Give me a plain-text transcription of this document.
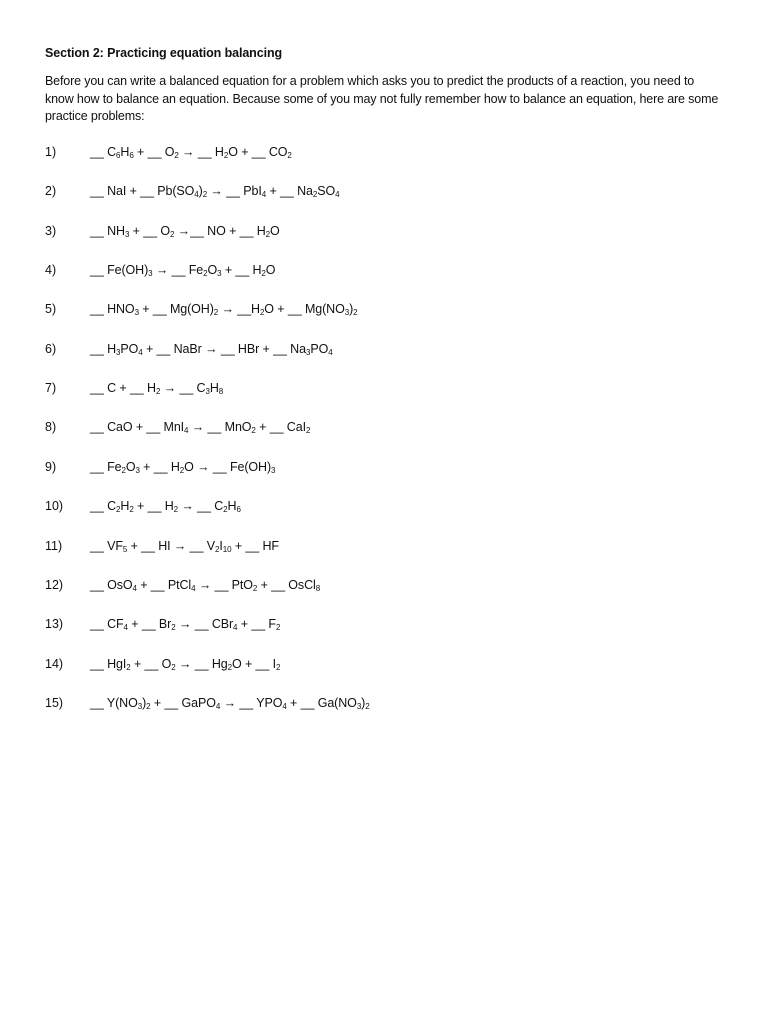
Section 2: Practicing equation balancing
Before you can write a balanced equation for a problem which asks you to predict the products of a reaction, you need to know how to balance an equation. Because some of you may not fully remember how to balance an equation, here are some practice problems:
1)	__ $C_6H_6$ + __ $O_2$ → __ $H_2O$ + __ $CO_2$
2)	__ NaI + __ $Pb(SO_4)_2$ → __ PbI$_4$ + __ $Na_2SO_4$
3)	__ $NH_3$ + __ $O_2$ →__ NO + __ $H_2O$
4)	__ $Fe(OH)_3$ → __ $Fe_2O_3$ + __ $H_2O$
5)	__ $HNO_3$ + __ $Mg(OH)_2$ → $\_\_H_2O$ + __ $Mg(NO_3)_2$
6)	__ $H_3PO_4$ + __ NaBr → __ HBr + __ $Na_3PO_4$
7)	__ C + __ $H_2$ → __ $C_3H_8$
8)	__ CaO + __ MnI$_4$ → __ MnO$_2$ + __ CaI$_2$
9)	__ $Fe_2O_3$ + __ $H_2O$ → __ $Fe(OH)_3$
10) __ $C_2H_2$ + __ $H_2$ → __ $C_2H_6$
11) __ $VF_5$ + __ HI → __ $V_2I_{10}$ + __ HF
12) __ OsO$_4$ + __ PtCl$_4$ → __ PtO$_2$ + __ OsCl$_8$
13) __ $CF_4$ + __ $Br_2$ → __ CBr$_4$ + __ $F_2$
14) __ HgI$_2$ + __ $O_2$ → __ $Hg_2O$ + __ $I_2$
15) __ $Y(NO_3)_2$ + __ GaPO$_4$ → __ $YPO_4$ + __ $Ga(NO_3)_2$
